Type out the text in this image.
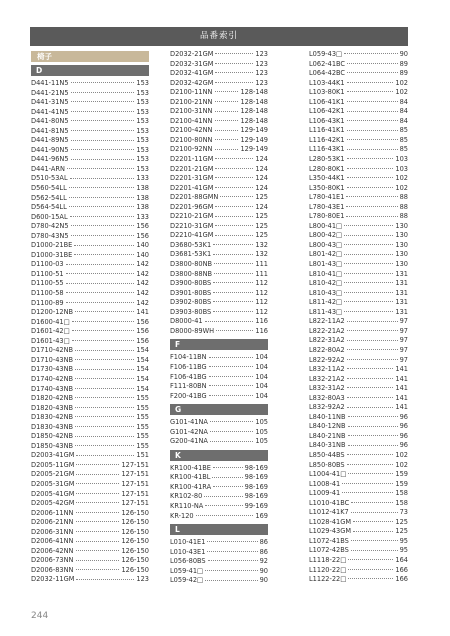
品番索引
椅子
D
D441-11N5	153
D441-21N5	153
D441-31N5	153
D441-41N5	153
D441-80N5	153
D441-81N5	153
D441-89N5	153
D441-90N5	153
D441-96N5	153
D441-ARN	153
D510-53AL	133
D560-54LL	138
D562-54LL	138
D564-54LL	138
D600-15AL	133
D780-42N5	156
D780-43N5	156
D1000-21BE	140
D1000-31BE	140
D1100-03	142
D1100-51	142
D1100-55	142
D1100-58	142
D1100-89	142
D1200-12NB	141
D1600-41□	156
D1601-42□	156
D1601-43□	156
D1710-42NB	154
D1710-43NB	154
D1730-43NB	154
D1740-42NB	154
D1740-43NB	154
D1820-42NB	155
D1820-43NB	155
D1830-42NB	155
D1830-43NB	155
D1850-42NB	155
D1850-43NB	155
D2003-41GM	151
D2005-11GM	127-151
D2005-21GM	127-151
D2005-31GM	127-151
D2005-41GM	127-151
D2005-42GM	127-151
D2006-11NN	126-150
D2006-21NN	126-150
D2006-31NN	126-150
D2006-41NN	126-150
D2006-42NN	126-150
D2006-73NN	126-150
D2006-83NN	126-150
D2032-11GM	123
D2032-21GM	123
D2032-31GM	123
D2032-41GM	123
D2032-42GM	123
D2100-11NN	128-148
D2100-21NN	128-148
D2100-31NN	128-148
D2100-41NN	128-148
D2100-42NN	129-149
D2100-80NN	129-149
D2100-92NN	129-149
D2201-11GM	124
D2201-21GM	124
D2201-31GM	124
D2201-41GM	124
D2201-88GMN	125
D2201-96GM	124
D2210-21GM	125
D2210-31GM	125
D2210-41GM	125
D3680-53K1	132
D3681-53K1	132
D3800-80NB	111
D3800-88NB	111
D3900-80BS	112
D3901-80BS	112
D3902-80BS	112
D3903-80BS	112
D8000-41	116
D8000-89WH	116
F
F104-11BN	104
F106-11BG	104
F106-41BG	104
F111-80BN	104
F200-41BG	104
G
G101-41NA	105
G101-42NA	105
G200-41NA	105
K
KR100-41BE	98-169
KR100-41BL	98-169
KR100-41RA	98-169
KR102-80	98-169
KR110-NA	99-169
KR-120	169
L
L010-41E1	86
L010-43E1	86
L056-80BS	92
L059-41□	90
L059-42□	90
L059-43□	90
L062-41BC	89
L064-42BC	89
L103-44K1	102
L103-80K1	102
L106-41K1	84
L106-42K1	84
L106-43K1	84
L116-41K1	85
L116-42K1	85
L116-43K1	85
L280-53K1	103
L280-80K1	103
L350-44K1	102
L350-80K1	102
L780-41E1	88
L780-43E1	88
L780-80E1	88
L800-41□	130
L800-42□	130
L800-43□	130
L801-42□	130
L801-43□	130
L810-41□	131
L810-42□	131
L810-43□	131
L811-42□	131
L811-43□	131
L822-11A2	97
L822-21A2	97
L822-31A2	97
L822-80A2	97
L822-92A2	97
L832-11A2	141
L832-21A2	141
L832-31A2	141
L832-80A3	141
L832-92A2	141
L840-11NB	96
L840-12NB	96
L840-21NB	96
L840-31NB	96
L850-44BS	102
L850-80BS	102
L1004-41□	159
L1008-41	159
L1009-41	158
L1010-41BC	158
L1012-41K7	73
L1028-41GM	125
L1029-43GM	125
L1072-41BS	95
L1072-42BS	95
L1118-22□	164
L1120-22□	166
L1122-22□	166
244
